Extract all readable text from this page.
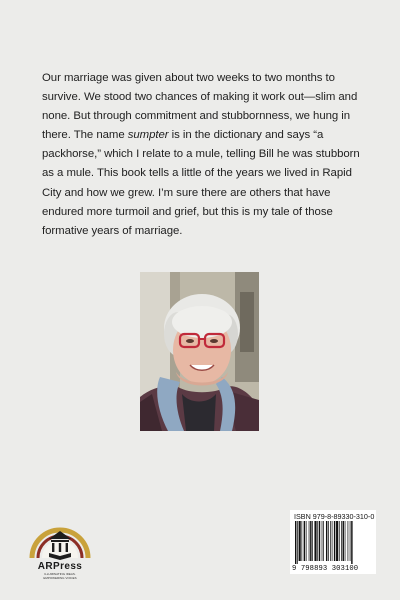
Our marriage was given about two weeks to two months to survive. We stood two chances of making it work out—slim and none. But through commitment and stubbornness, we hung in there. The name sumpter is in the dictionary and says “a packhorse,” which I relate to a mule, telling Bill he was stubborn as a mule. This book tells a little of the years we lived in Rapid City and how we grew. I’m sure there are others that have endured more turmoil and grief, but this is my tale of those formative years of marriage.
ARPress
ILLUMINATING IDEAS.
EMPOWERING VOICES
ISBN 979-8-89330-310-0
9 798893 303100
